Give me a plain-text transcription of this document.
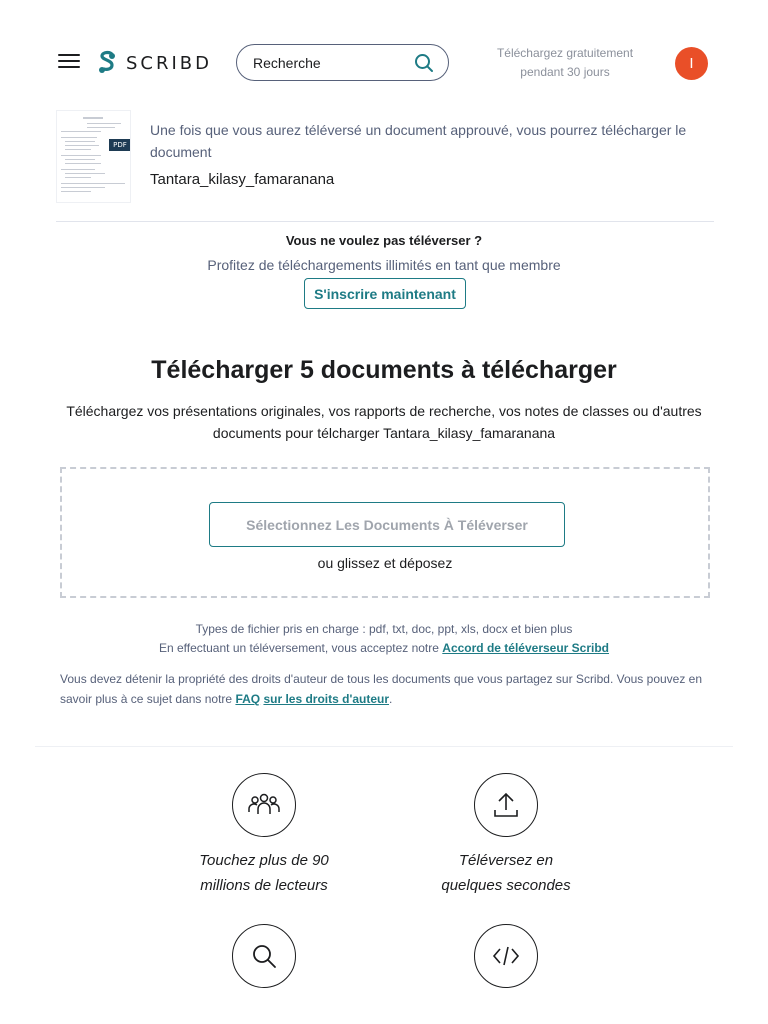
SCRIBD
Recherche	Téléchargez gratuitement
pendant 30 jours	I
PDF
Une fois que vous aurez téléversé un document approuvé, vous pourrez télécharger le document
Tantara_kilasy_famaranana
Vous ne voulez pas téléverser ?
Profitez de téléchargements illimités en tant que membre
S'inscrire maintenant
Télécharger 5 documents à télécharger
Téléchargez vos présentations originales, vos rapports de recherche, vos notes de classes ou d'autres
documents pour télcharger Tantara_kilasy_famaranana
Sélectionnez Les Documents À Téléverser
ou glissez et déposez
Types de fichier pris en charge : pdf, txt, doc, ppt, xls, docx et bien plus
En effectuant un téléversement, vous acceptez notre Accord de téléverseur Scribd
Vous devez détenir la propriété des droits d'auteur de tous les documents que vous partagez sur Scribd. Vous pouvez en savoir plus à ce sujet dans notre FAQ sur les droits d'auteur.
Touchez plus de 90
millions de lecteurs
Téléversez en
quelques secondes
